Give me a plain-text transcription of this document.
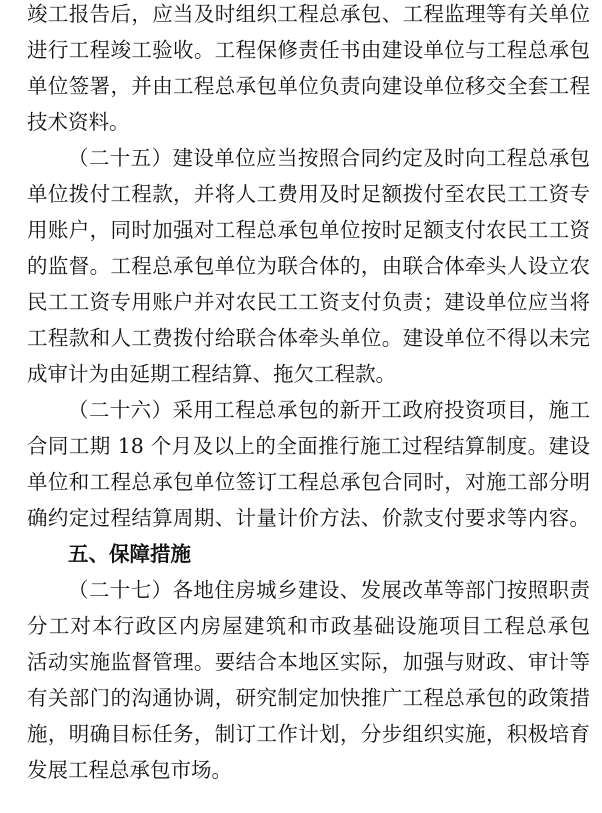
竣工报告后，应当及时组织工程总承包、工程监理等有关单位
进行工程竣工验收。工程保修责任书由建设单位与工程总承包
单位签署，并由工程总承包单位负责向建设单位移交全套工程
技术资料。
（二十五）建设单位应当按照合同约定及时向工程总承包
单位拨付工程款，并将人工费用及时足额拨付至农民工工资专
用账户，同时加强对工程总承包单位按时足额支付农民工工资
的监督。工程总承包单位为联合体的，由联合体牵头人设立农
民工工资专用账户并对农民工工资支付负责；建设单位应当将
工程款和人工费拨付给联合体牵头单位。建设单位不得以未完
成审计为由延期工程结算、拖欠工程款。
（二十六）采用工程总承包的新开工政府投资项目，施工
合同工期 18 个月及以上的全面推行施工过程结算制度。建设
单位和工程总承包单位签订工程总承包合同时，对施工部分明
确约定过程结算周期、计量计价方法、价款支付要求等内容。
五、保障措施
（二十七）各地住房城乡建设、发展改革等部门按照职责
分工对本行政区内房屋建筑和市政基础设施项目工程总承包
活动实施监督管理。要结合本地区实际，加强与财政、审计等
有关部门的沟通协调，研究制定加快推广工程总承包的政策措
施，明确目标任务，制订工作计划，分步组织实施，积极培育
发展工程总承包市场。
